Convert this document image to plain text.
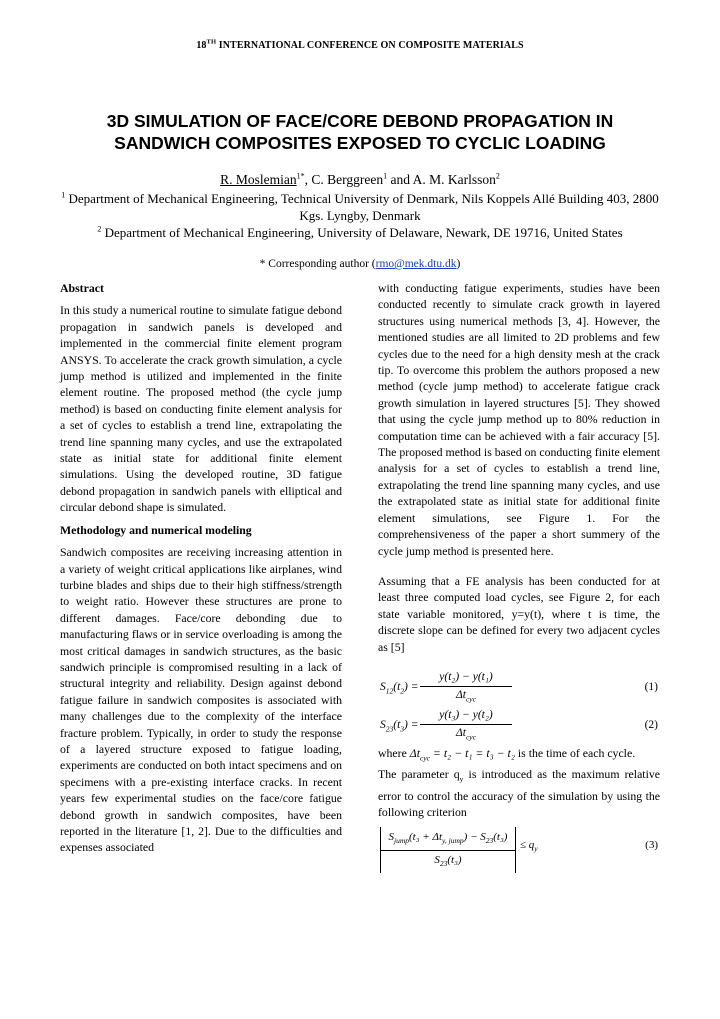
18TH INTERNATIONAL CONFERENCE ON COMPOSITE MATERIALS
3D SIMULATION OF FACE/CORE DEBOND PROPAGATION IN
SANDWICH COMPOSITES EXPOSED TO CYCLIC LOADING
R. Moslemian$^{1*}$, C. Berggreen$^1$ and A. M. Karlsson$^2$
$^1$ Department of Mechanical Engineering, Technical University of Denmark, Nils Koppels Allé Building 403, 2800 Kgs. Lyngby, Denmark
$^2$ Department of Mechanical Engineering, University of Delaware, Newark, DE 19716, United States
* Corresponding author (rmo@mek.dtu.dk)

Abstract

In this study a numerical routine to simulate fatigue debond propagation in sandwich panels is developed and implemented in the commercial finite element program ANSYS. To accelerate the crack growth simulation, a cycle jump method is utilized and implemented in the finite element routine. The proposed method (the cycle jump method) is based on conducting finite element analysis for a set of cycles to establish a trend line, extrapolating the trend line spanning many cycles, and use the extrapolated state as initial state for additional finite element simulations. Using the developed routine, 3D fatigue debond propagation in sandwich panels with elliptical and circular debond shape is simulated.

Methodology and numerical modeling

Sandwich composites are receiving increasing attention in a variety of weight critical applications like airplanes, wind turbine blades and ships due to their high stiffness/strength to weight ratio. However these structures are prone to different damages. Face/core debonding due to manufacturing flaws or in service overloading is among the most critical damages in sandwich structures, as the basic sandwich principle is compromised resulting in a lack of structural integrity and reliability. Design against debond fatigue failure in sandwich composites is associated with many challenges due to the complexity of the interface fracture problem. Typically, in order to study the response of a layered structure exposed to fatigue loading, experiments are conducted on both intact specimens and on specimens with a pre-existing interface cracks. In recent years few experimental studies on the face/core fatigue debond growth in sandwich composites, have been reported in the literature [1, 2]. Due to the difficulties and expenses associated

with conducting fatigue experiments, studies have been conducted recently to simulate crack growth in layered structures using numerical methods [3, 4]. However, the mentioned studies are all limited to 2D problems and few cycles due to the need for a high density mesh at the crack tip. To overcome this problem the authors proposed a new method (cycle jump method) to accelerate fatigue crack growth simulation in layered structures [5]. They showed that using the cycle jump method up to 80% reduction in computation time can be achieved with a fair accuracy [5]. The proposed method is based on conducting finite element analysis for a set of cycles to establish a trend line, extrapolating the trend line spanning many cycles, and use the extrapolated state as initial state for additional finite element simulations, see Figure 1. For the comprehensiveness of the paper a short summery of the cycle jump method is presented here.

Assuming that a FE analysis has been conducted for at least three computed load cycles, see Figure 2, for each state variable monitored, y=y(t), where t is time, the discrete slope can be defined for every two adjacent cycles as [5]

$S_{12}(t_2)$ =
y(t₂) − y(t₁)
$\Delta t_{cyc}$
(1)
$S_{23}(t_3)$ =
y(t₃) − y(t₂)
$\Delta t_{cyc}$
(2)

where $\Delta t_{cyc} = t_2 - t_1 = t_3 - t_2$ is the time of each cycle.

The parameter $q_y$ is introduced as the maximum relative error to control the accuracy of the simulation by using the following criterion

$S_{jump}(t_3 + \Delta t_{y, jump}) - S_{23}(t_3)$
$S_{23}(t_3)$
≤ $q_y$	(3)
